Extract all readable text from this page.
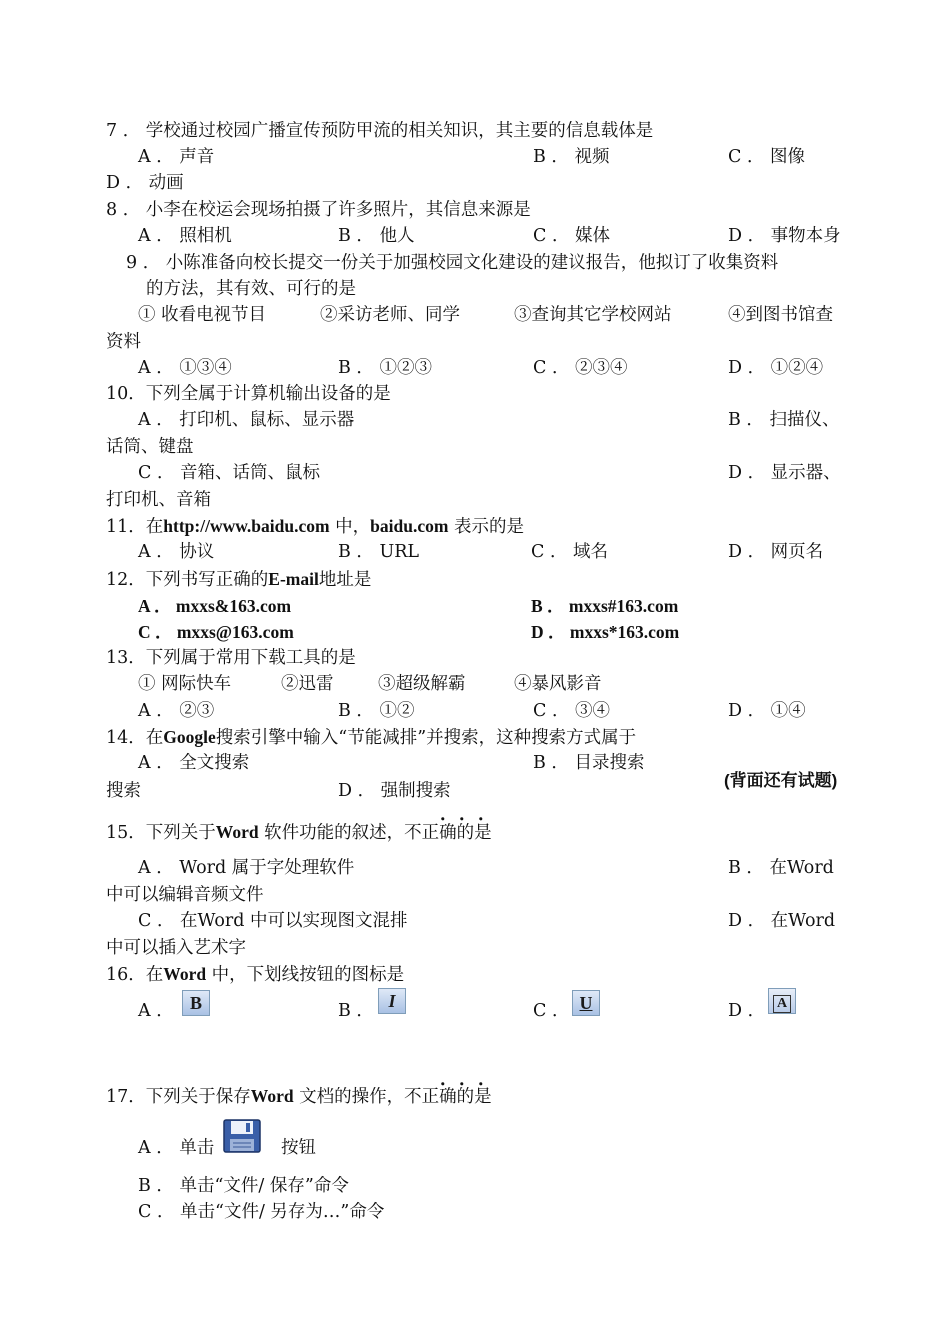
7 ． 学校通过校园广播宣传预防甲流的相关知识，其主要的信息载体是
A ． 声音	B ． 视频	C ． 图像
D ． 动画
8 ． 小李在校运会现场拍摄了许多照片，其信息来源是
A ． 照相机	B ． 他人	C ． 媒体	D ． 事物本身
9 ． 小陈准备向校长提交一份关于加强校园文化建设的建议报告，他拟订了收集资料
的方法，其有效、可行的是
① 收看电视节目	②采访老师、同学	③查询其它学校网站	④到图书馆查
资料
A ． ①③④	B ． ①②③	C ． ②③④	D ． ①②④
10．下列全属于计算机输出设备的是
A ． 打印机、鼠标、显示器	B ． 扫描仪、
话筒、键盘
C ． 音箱、话筒、鼠标	D ． 显示器、
打印机、音箱
11．在http://www.baidu.com 中，baidu.com 表示的是
A ． 协议	B ． URL	C ． 域名	D ． 网页名
12．下列书写正确的E-mail地址是
A ． mxxs&163.com	B ． mxxs#163.com
C ． mxxs@163.com	D ． mxxs*163.com
13．下列属于常用下载工具的是
① 网际快车	②迅雷	③超级解霸	④暴风影音
A ． ②③	B ． ①②	C ． ③④	D ． ①④
14．在Google搜索引擎中输入“节能减排”并搜索，这种搜索方式属于
A ． 全文搜索	B ． 目录搜索
(背面还有试题)
搜索	D ． 强制搜索
．．．
15．下列关于Word 软件功能的叙述，不正确的是
A ． Word 属于字处理软件	B ． 在Word
中可以编辑音频文件
C ． 在Word 中可以实现图文混排	D ． 在Word
中可以插入艺术字
16．在Word 中，下划线按钮的图标是
A ． B	B ． I	C ． U	D ． A
．．．
17．下列关于保存Word 文档的操作，不正确的是
A ． 单击	按钮
B ． 单击“文件/ 保存”命令
C ． 单击“文件/ 另存为…”命令
